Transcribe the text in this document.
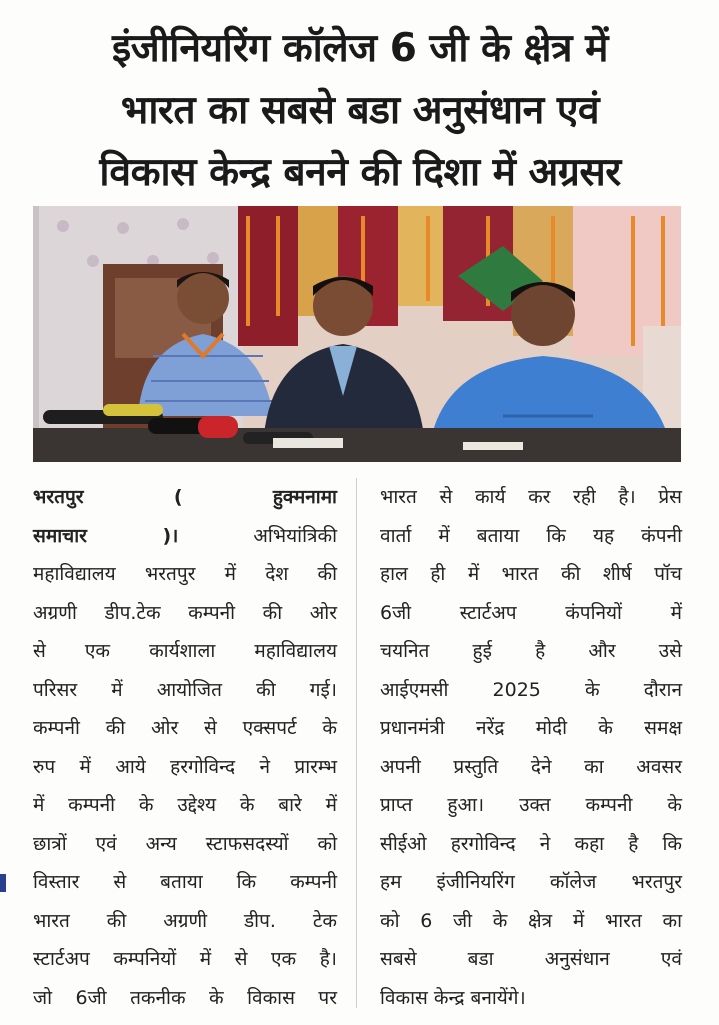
इंजीनियरिंग कॉलेज 6 जी के क्षेत्र में
भारत का सबसे बडा अनुसंधान एवं
विकास केन्द्र बनने की दिशा में अग्रसर
भरतपुर	( हुक्मनामा
समाचार )।	अभियांत्रिकी
महाविद्यालय भरतपुर में देश की
अग्रणी डीप.टेक कम्पनी की ओर
से एक कार्यशाला महाविद्यालय
परिसर में आयोजित की गई।
कम्पनी की ओर से एक्सपर्ट के
रुप में आये हरगोविन्द ने प्रारम्भ
में कम्पनी के उद्देश्य के बारे में
छात्रों एवं अन्य स्टाफसदस्यों को
विस्तार से बताया कि कम्पनी
भारत की अग्रणी डीप. टेक
स्टार्टअप कम्पनियों में से एक है।
जो 6जी तकनीक के विकास पर
भारत से कार्य कर रही है। प्रेस
वार्ता में बताया कि यह कंपनी
हाल ही में भारत की शीर्ष पॉच
6जी स्टार्टअप कंपनियों में
चयनित हुई है और उसे
आईएमसी 2025 के दौरान
प्रधानमंत्री नरेंद्र मोदी के समक्ष
अपनी प्रस्तुति देने का अवसर
प्राप्त हुआ। उक्त कम्पनी के
सीईओ हरगोविन्द ने कहा है कि
हम इंजीनियरिंग कॉलेज भरतपुर
को 6 जी के क्षेत्र में भारत का
सबसे बडा अनुसंधान एवं
विकास केन्द्र बनायेंगे।
